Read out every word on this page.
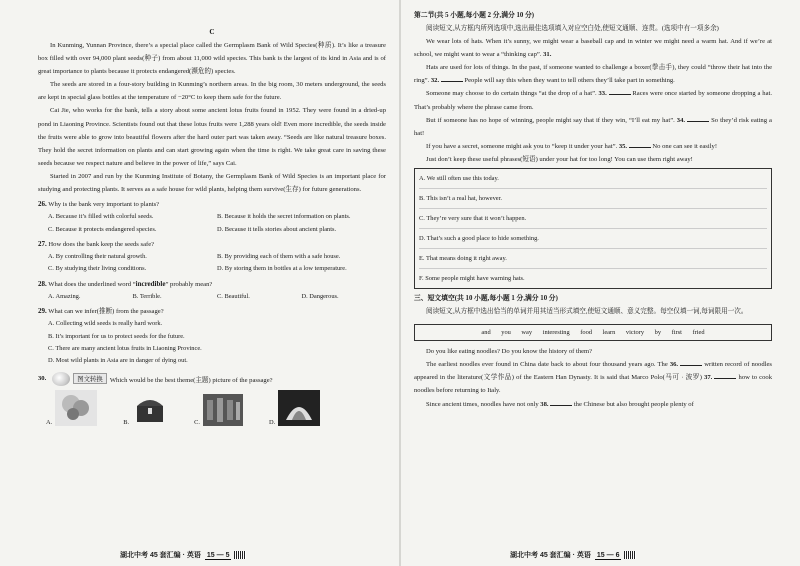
C

In Kunming, Yunnan Province, there’s a special place called the Germplasm Bank of Wild Species(种质). It’s like a treasure box filled with over 94,000 plant seeds(种子) from about 11,000 wild species. This bank is the largest of its kind in Asia and is of great importance to plants because it protects endangered(濒危的) species.

The seeds are stored in a four-story building in Kunming’s northern areas. In the big room, 30 meters underground, the seeds are kept in special glass bottles at the temperature of −20°C to keep them safe for the future.

Cai Jie, who works for the bank, tells a story about some ancient lotus fruits found in 1952. They were found in a dried-up pond in Liaoning Province. Scientists found out that these lotus fruits were 1,288 years old! Even more incredible, the seeds inside the fruits were able to grow into beautiful flowers after the hard outer part was taken away. “Seeds are like natural treasure boxes. They hold the secret information on plants and can start growing again when the time is right. We take great care in saving these seeds because we respect nature and believe in the power of life,” says Cai.

Started in 2007 and run by the Kunming Institute of Botany, the Germplasm Bank of Wild Species is an important place for studying and protecting plants. It serves as a safe house for wild plants, helping them survive(生存) for future generations.

26. Why is the bank very important to plants?
A. Because it’s filled with colorful seeds.	B. Because it holds the secret information on plants.
C. Because it protects endangered species.	D. Because it tells stories about ancient plants.
27. How does the bank keep the seeds safe?
A. By controlling their natural growth.	B. By providing each of them with a safe house.
C. By studying their living conditions.	D. By storing them in bottles at a low temperature.
28. What does the underlined word “incredible” probably mean?
A. Amazing.	B. Terrible.	C. Beautiful.	D. Dangerous.
29. What can we infer(推断) from the passage?
A. Collecting wild seeds is really hard work.
B. It’s important for us to protect seeds for the future.
C. There are many ancient lotus fruits in Liaoning Province.
D. Most wild plants in Asia are in danger of dying out.
30.	图文转换	Which would be the best theme(主题) picture of the passage?
A.	B.	C.	D.
湖北中考 45 套汇编 · 英语 15 — 5
第二节(共 5 小题,每小题 2 分,满分 10 分)

阅读短文,从方框内所列选项中,选出最佳选项填入对应空白处,使短文通顺、连贯。(选项中有一项多余)

We wear lots of hats. When it’s sunny, we might wear a baseball cap and in winter we might need a warm hat. And if we’re at school, we might want to wear a “thinking cap”. 31.

Hats are used for lots of things. In the past, if someone wanted to challenge a boxer(拳击手), they could “throw their hat into the ring”. 32.	People will say this when they want to tell others they’ll take part in something.

Someone may choose to do certain things “at the drop of a hat”. 33.	Races were once started by someone dropping a hat. That’s probably where the phrase came from.

But if someone has no hope of winning, people might say that if they win, “I’ll eat my hat”. 34.	So they’d risk eating a hat!

If you have a secret, someone might ask you to “keep it under your hat”. 35.	No one can see it easily!

Just don’t keep these useful phrases(短语) under your hat for too long! You can use them right away!

A. We still often use this today.
B. This isn’t a real hat, however.
C. They’re very sure that it won’t happen.
D. That’s such a good place to hide something.
E. That means doing it right away.
F. Some people might have warning hats.
三、短文填空(共 10 小题,每小题 1 分,满分 10 分)

阅读短文,从方框中选出恰当的单词并用其适当形式填空,使短文通顺、意义完整。每空仅填一词,每词限用一次。

and you way interesting food learn victory by first fried

Do you like eating noodles? Do you know the history of them?

The earliest noodles ever found in China date back to about four thousand years ago. The 36.	written record of noodles appeared in the literature(文学作品) of the Eastern Han Dynasty. It is said that Marco Polo(马可 · 波罗) 37.	how to cook noodles before returning to Italy.

Since ancient times, noodles have not only 38.	the Chinese but also brought people plenty of

湖北中考 45 套汇编 · 英语 15 — 6
